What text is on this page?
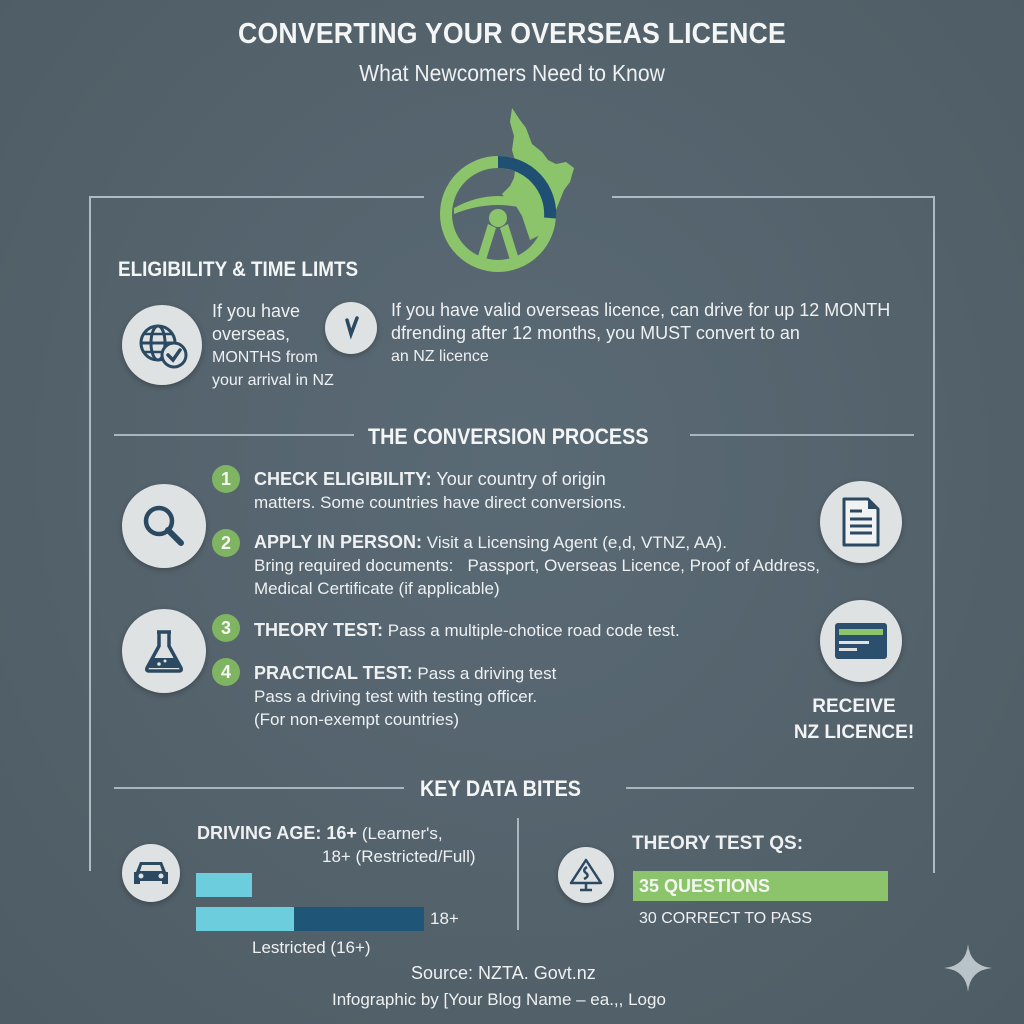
CONVERTING YOUR OVERSEAS LICENCE
What Newcomers Need to Know
ELIGIBILITY & TIME LIMTS
If you have
overseas,
MONTHS from
your arrival in NZ
If you have valid overseas licence, can drive for up 12 MONTH
dfrending after 12 months, you MUST convert to an
an NZ licence
THE CONVERSION PROCESS
1	CHECK ELIGIBILITY: Your country of origin
matters. Some countries have direct conversions.
2	APPLY IN PERSON: Visit a Licensing Agent (e,d, VTNZ, AA).
Bring required documents:   Passport, Overseas Licence, Proof of Address,
Medical Certificate (if applicable)
3	THEORY TEST: Pass a multiple-chotice road code test.
4	PRACTICAL TEST: Pass a driving test
Pass a driving test with testing officer.
(For non-exempt countries)
RECEIVE
NZ LICENCE!
KEY DATA BITES
DRIVING AGE: 16+ (Learner's,
18+ (Restricted/Full)
18+
Lestricted (16+)
THEORY TEST QS:
35 QUESTIONS
30 CORRECT TO PASS
Source: NZTA. Govt.nz
Infographic by [Your Blog Name – ea.,, Logo
